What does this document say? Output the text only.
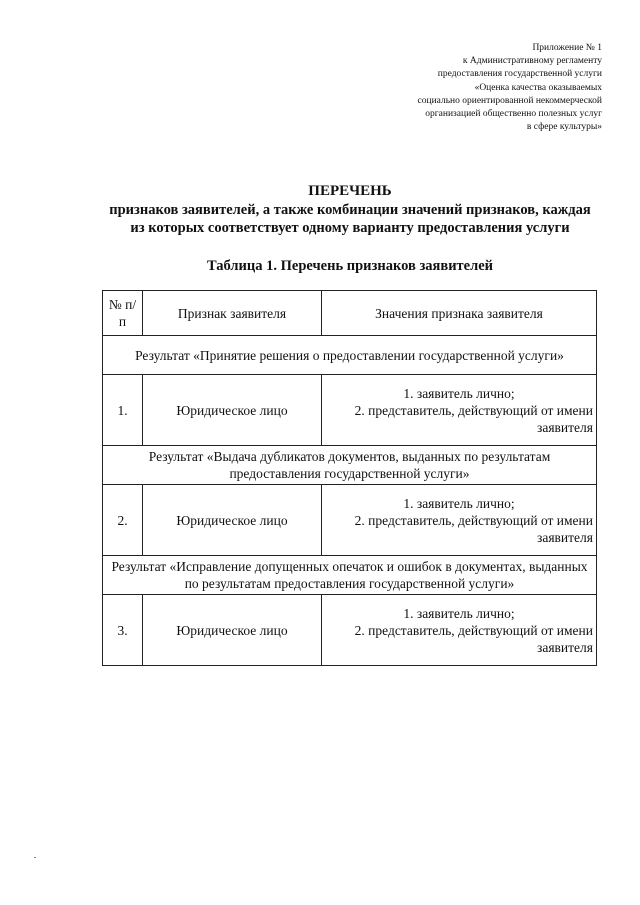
Приложение № 1
к Административному регламенту
предоставления государственной услуги
«Оценка качества оказываемых
социально ориентированной некоммерческой
организацией общественно полезных услуг
в сфере культуры»
ПЕРЕЧЕНЬ
признаков заявителей, а также комбинации значений признаков, каждая
из которых соответствует одному варианту предоставления услуги
Таблица 1. Перечень признаков заявителей
№ п/п	Признак заявителя	Значения признака заявителя
Результат «Принятие решения о предоставлении государственной услуги»		
1.	Юридическое лицо	1. заявитель лично;
2. представитель, действующий от имени заявителя

Результат «Выдача дубликатов документов, выданных по результатам предоставления государственной услуги»		
2.	Юридическое лицо	1. заявитель лично;
2. представитель, действующий от имени заявителя

Результат «Исправление допущенных опечаток и ошибок в документах, выданных по результатам предоставления государственной услуги»		
3.	Юридическое лицо	1. заявитель лично;
2. представитель, действующий от имени заявителя
